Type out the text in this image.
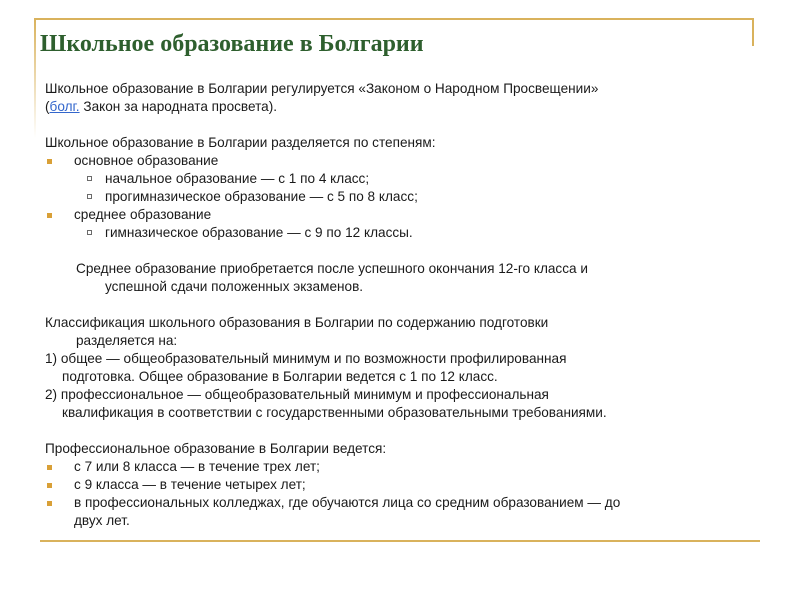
Школьное образование в Болгарии

Школьное образование в Болгарии регулируется «Законом о Народном Просвещении»

(болг. Закон за народната просвета).

Школьное образование в Болгарии разделяется по степеням:

основное образование
начальное образование — с 1 по 4 класс;
прогимназическое образование — с 5 по 8 класс;
среднее образование
гимназическое образование — с 9 по 12 классы.
Среднее образование приобретается после успешного окончания 12-го класса и
успешной сдачи положенных экзаменов.
Классификация школьного образования в Болгарии по содержанию подготовки
разделяется на:
1) общее — общеобразовательный минимум и по возможности профилированная
подготовка. Общее образование в Болгарии ведется с 1 по 12 класс.
2) профессиональное — общеобразовательный минимум и профессиональная
квалификация в соответствии с государственными образовательными требованиями.

Профессиональное образование в Болгарии ведется:

с 7 или 8 класса — в течение трех лет;
с 9 класса — в течение четырех лет;
в профессиональных колледжах, где обучаются лица со средним образованием — до
двух лет.
